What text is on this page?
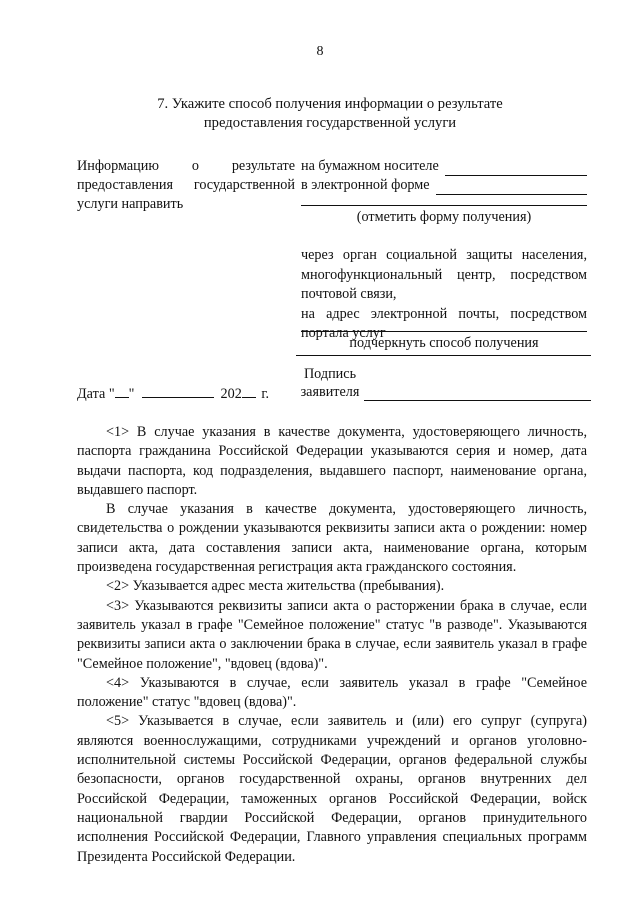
8
7. Укажите способ получения информации о результате
предоставления государственной услуги
Информацию о результате
предоставления государственной
услуги направить
на бумажном носителе
в электронной форме
(отметить форму получения)
через орган социальной защиты населения,
многофункциональный центр, посредством
почтовой связи,
на адрес электронной почты, посредством
портала услуг
подчеркнуть способ получения
Подпись
заявителя
Дата " "	202 г.

<1> В случае указания в качестве документа, удостоверяющего личность, паспорта гражданина Российской Федерации указываются серия и номер, дата выдачи паспорта, код подразделения, выдавшего паспорт, наименование органа, выдавшего паспорт.

В случае указания в качестве документа, удостоверяющего личность, свидетельства о рождении указываются реквизиты записи акта о рождении: номер записи акта, дата составления записи акта, наименование органа, которым произведена государственная регистрация акта гражданского состояния.

<2> Указывается адрес места жительства (пребывания).

<3> Указываются реквизиты записи акта о расторжении брака в случае, если заявитель указал в графе "Семейное положение" статус "в разводе". Указываются реквизиты записи акта о заключении брака в случае, если заявитель указал в графе "Семейное положение", "вдовец (вдова)".

<4> Указываются в случае, если заявитель указал в графе "Семейное положение" статус "вдовец (вдова)".

<5> Указывается в случае, если заявитель и (или) его супруг (супруга) являются военнослужащими, сотрудниками учреждений и органов уголовно-исполнительной системы Российской Федерации, органов федеральной службы безопасности, органов государственной охраны, органов внутренних дел Российской Федерации, таможенных органов Российской Федерации, войск национальной гвардии Российской Федерации, органов принудительного исполнения Российской Федерации, Главного управления специальных программ Президента Российской Федерации.
